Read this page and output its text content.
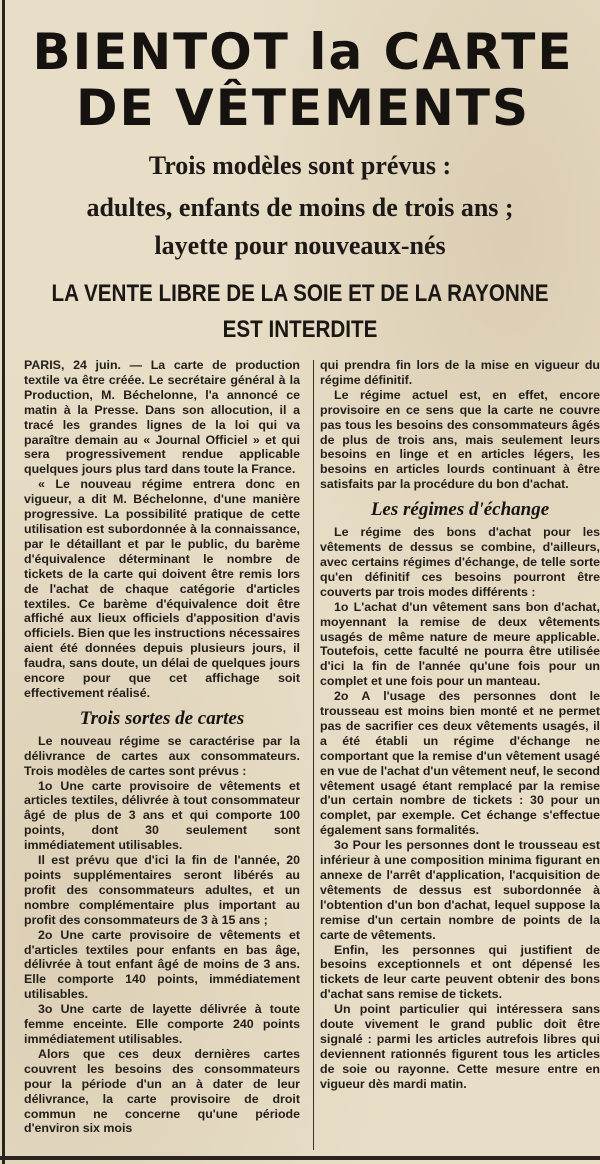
BIENTOT la CARTE
DE VÊTEMENTS
Trois modèles sont prévus :
adultes, enfants de moins de trois ans ;
layette pour nouveaux-nés
LA VENTE LIBRE DE LA SOIE ET DE LA RAYONNE
EST INTERDITE

PARIS, 24 juin. — La carte de production textile va être créée. Le secrétaire général à la Production, M. Béchelonne, l'a annoncé ce matin à la Presse. Dans son allocution, il a tracé les grandes lignes de la loi qui va paraître demain au « Journal Officiel » et qui sera progressivement rendue applicable quelques jours plus tard dans toute la France.

« Le nouveau régime entrera donc en vigueur, a dit M. Béchelonne, d'une manière progressive. La possibilité pratique de cette utilisation est subordonnée à la connaissance, par le détaillant et par le public, du barème d'équivalence déterminant le nombre de tickets de la carte qui doivent être remis lors de l'achat de chaque catégorie d'articles textiles. Ce barème d'équivalence doit être affiché aux lieux officiels d'apposition d'avis officiels. Bien que les instructions nécessaires aient été données depuis plusieurs jours, il faudra, sans doute, un délai de quelques jours encore pour que cet affichage soit effectivement réalisé.

Trois sortes de cartes

Le nouveau régime se caractérise par la délivrance de cartes aux consommateurs. Trois modèles de cartes sont prévus :

1o Une carte provisoire de vêtements et articles textiles, délivrée à tout consommateur âgé de plus de 3 ans et qui comporte 100 points, dont 30 seulement sont immédiatement utilisables.

Il est prévu que d'ici la fin de l'année, 20 points supplémentaires seront libérés au profit des consommateurs adultes, et un nombre complémentaire plus important au profit des consommateurs de 3 à 15 ans ;

2o Une carte provisoire de vêtements et d'articles textiles pour enfants en bas âge, délivrée à tout enfant âgé de moins de 3 ans. Elle comporte 140 points, immédiatement utilisables.

3o Une carte de layette délivrée à toute femme enceinte. Elle comporte 240 points immédiatement utilisables.

Alors que ces deux dernières cartes couvrent les besoins des consommateurs pour la période d'un an à dater de leur délivrance, la carte provisoire de droit commun ne concerne qu'une période d'environ six mois

qui prendra fin lors de la mise en vigueur du régime définitif.

Le régime actuel est, en effet, encore provisoire en ce sens que la carte ne couvre pas tous les besoins des consommateurs âgés de plus de trois ans, mais seulement leurs besoins en linge et en articles légers, les besoins en articles lourds continuant à être satisfaits par la procédure du bon d'achat.

Les régimes d'échange

Le régime des bons d'achat pour les vêtements de dessus se combine, d'ailleurs, avec certains régimes d'échange, de telle sorte qu'en définitif ces besoins pourront être couverts par trois modes différents :

1o L'achat d'un vêtement sans bon d'achat, moyennant la remise de deux vêtements usagés de même nature de meure applicable. Toutefois, cette faculté ne pourra être utilisée d'ici la fin de l'année qu'une fois pour un complet et une fois pour un manteau.

2o A l'usage des personnes dont le trousseau est moins bien monté et ne permet pas de sacrifier ces deux vêtements usagés, il a été établi un régime d'échange ne comportant que la remise d'un vêtement usagé en vue de l'achat d'un vêtement neuf, le second vêtement usagé étant remplacé par la remise d'un certain nombre de tickets : 30 pour un complet, par exemple. Cet échange s'effectue également sans formalités.

3o Pour les personnes dont le trousseau est inférieur à une composition minima figurant en annexe de l'arrêt d'application, l'acquisition de vêtements de dessus est subordonnée à l'obtention d'un bon d'achat, lequel suppose la remise d'un certain nombre de points de la carte de vêtements.

Enfin, les personnes qui justifient de besoins exceptionnels et ont dépensé les tickets de leur carte peuvent obtenir des bons d'achat sans remise de tickets.

Un point particulier qui intéressera sans doute vivement le grand public doit être signalé : parmi les articles autrefois libres qui deviennent rationnés figurent tous les articles de soie ou rayonne. Cette mesure entre en vigueur dès mardi matin.
